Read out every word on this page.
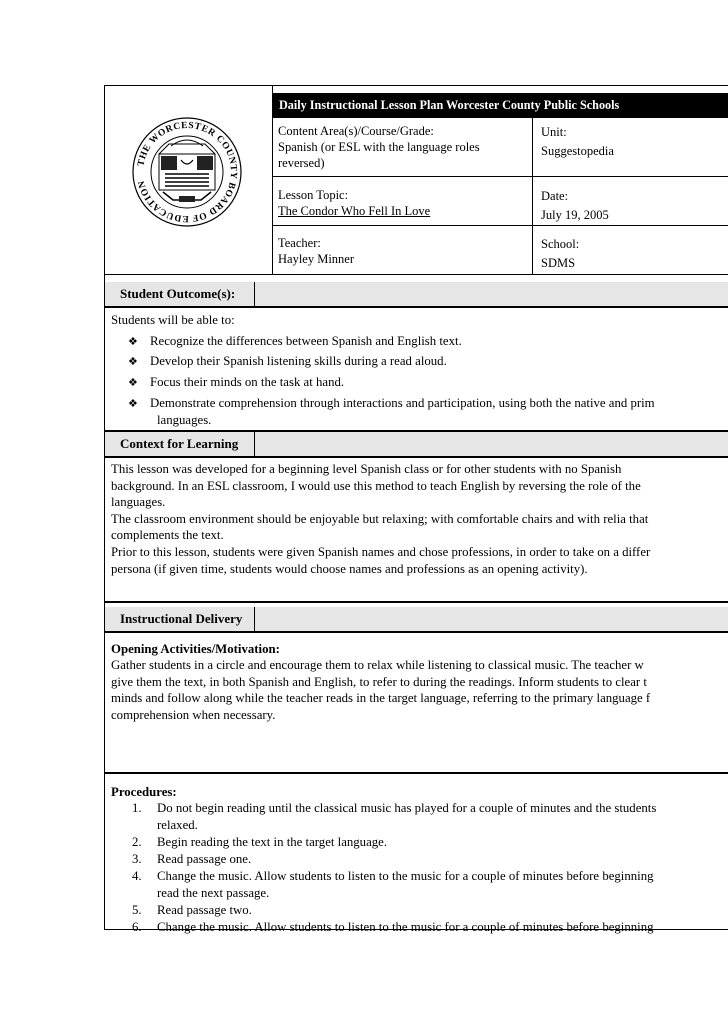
THE WORCESTER COUNTY BOARD OF EDUCATION
Daily Instructional Lesson Plan Worcester County Public Schools
Content Area(s)/Course/Grade:
Spanish (or ESL with the language roles
reversed)
Unit:
Suggestopedia
Lesson Topic:
The Condor Who Fell In Love
Date:
July 19, 2005
Teacher:
Hayley Minner
School:
SDMS
Student Outcome(s):
Students will be able to:
❖ Recognize the differences between Spanish and English text.
❖ Develop their Spanish listening skills during a read aloud.
❖ Focus their minds on the task at hand.
❖ Demonstrate comprehension through interactions and participation, using both the native and prim
languages.
Context for Learning
This lesson was developed for a beginning level Spanish class or for other students with no Spanish
background. In an ESL classroom, I would use this method to teach English by reversing the role of the
languages.
The classroom environment should be enjoyable but relaxing; with comfortable chairs and with relia that
complements the text.
Prior to this lesson, students were given Spanish names and chose professions, in order to take on a differ
persona (if given time, students would choose names and professions as an opening activity).
Instructional Delivery
Opening Activities/Motivation:
Gather students in a circle and encourage them to relax while listening to classical music. The teacher w
give them the text, in both Spanish and English, to refer to during the readings. Inform students to clear t
minds and follow along while the teacher reads in the target language, referring to the primary language f
comprehension when necessary.
Procedures:
1. Do not begin reading until the classical music has played for a couple of minutes and the students
relaxed.
2. Begin reading the text in the target language.
3. Read passage one.
4. Change the music. Allow students to listen to the music for a couple of minutes before beginning
read the next passage.
5. Read passage two.
6. Change the music. Allow students to listen to the music for a couple of minutes before beginning
